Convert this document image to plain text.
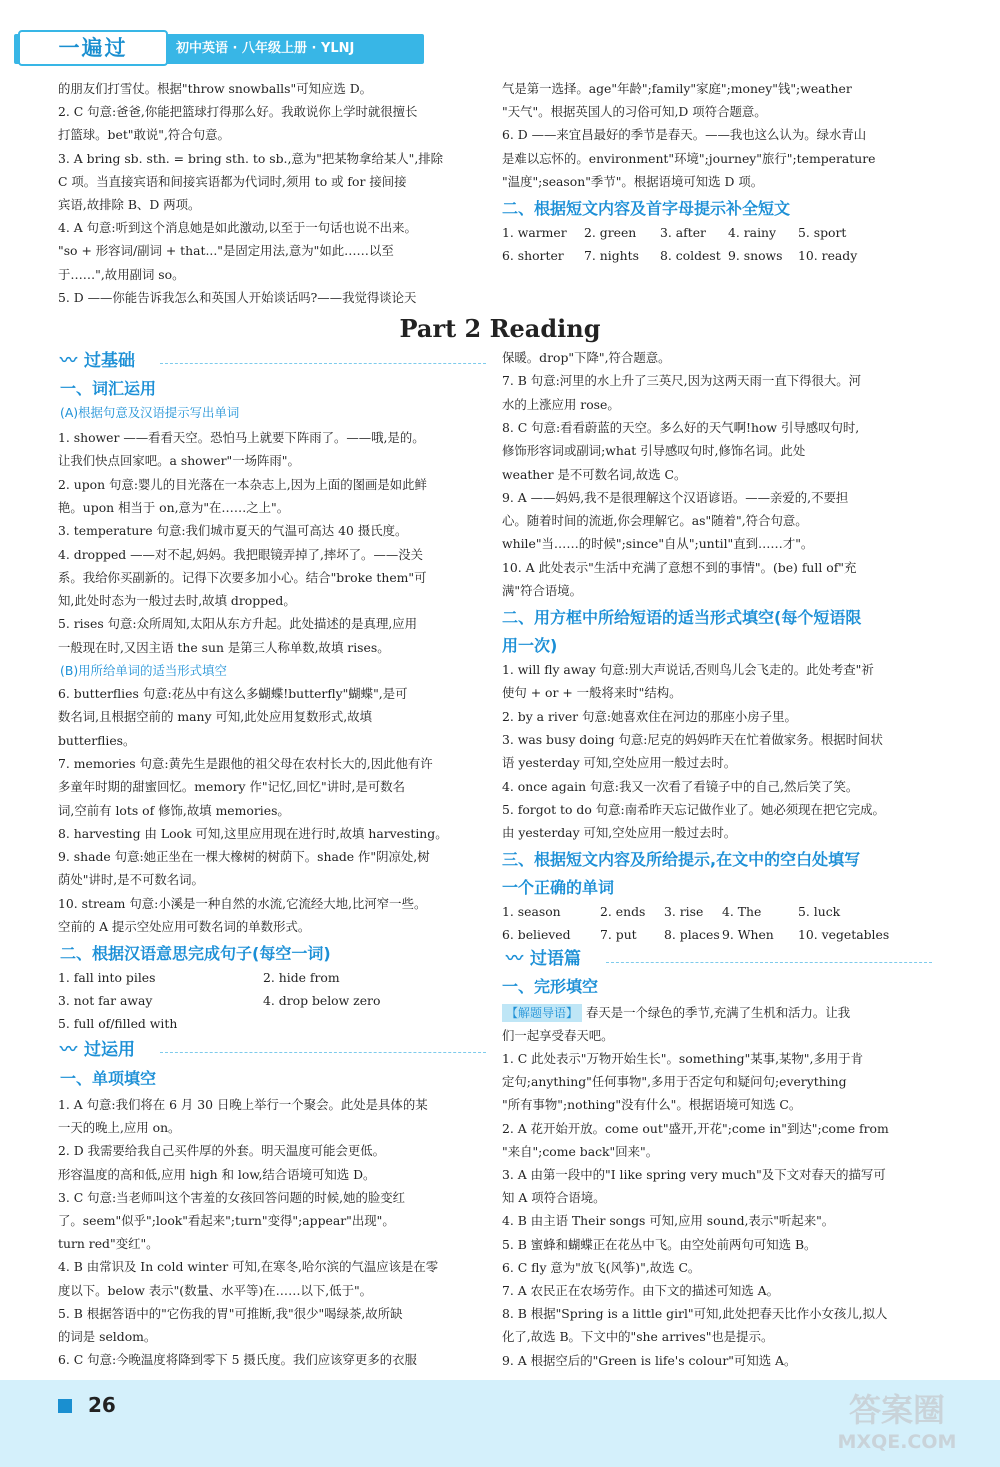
一遍过	初中英语 · 八年级上册 · YLNJ
的朋友们打雪仗。根据"throw snowballs"可知应选 D。
2. C 句意:爸爸,你能把篮球打得那么好。我敢说你上学时就很擅长
打篮球。bet"敢说",符合句意。
3. A bring sb. sth. = bring sth. to sb.,意为"把某物拿给某人",排除
C 项。当直接宾语和间接宾语都为代词时,须用 to 或 for 接间接
宾语,故排除 B、D 两项。
4. A 句意:听到这个消息她是如此激动,以至于一句话也说不出来。
"so + 形容词/副词 + that..."是固定用法,意为"如此……以至
于……",故用副词 so。
5. D ——你能告诉我怎么和英国人开始谈话吗?——我觉得谈论天
气是第一选择。age"年龄";family"家庭";money"钱";weather
"天气"。根据英国人的习俗可知,D 项符合题意。
6. D ——来宜昌最好的季节是春天。——我也这么认为。绿水青山
是难以忘怀的。environment"环境";journey"旅行";temperature
"温度";season"季节"。根据语境可知选 D 项。
二、根据短文内容及首字母提示补全短文
1. warmer 2. green 3. after 4. rainy 5. sport
6. shorter 7. nights 8. coldest 9. snows 10. ready
Part 2 Reading
〰 过基础
一、词汇运用
(A)根据句意及汉语提示写出单词
1. shower ——看看天空。恐怕马上就要下阵雨了。——哦,是的。
让我们快点回家吧。a shower"一场阵雨"。
2. upon 句意:婴儿的目光落在一本杂志上,因为上面的图画是如此鲜
艳。upon 相当于 on,意为"在……之上"。
3. temperature 句意:我们城市夏天的气温可高达 40 摄氏度。
4. dropped ——对不起,妈妈。我把眼镜弄掉了,摔坏了。——没关
系。我给你买副新的。记得下次要多加小心。结合"broke them"可
知,此处时态为一般过去时,故填 dropped。
5. rises 句意:众所周知,太阳从东方升起。此处描述的是真理,应用
一般现在时,又因主语 the sun 是第三人称单数,故填 rises。
(B)用所给单词的适当形式填空
6. butterflies 句意:花丛中有这么多蝴蝶!butterfly"蝴蝶",是可
数名词,且根据空前的 many 可知,此处应用复数形式,故填
butterflies。
7. memories 句意:黄先生是跟他的祖父母在农村长大的,因此他有许
多童年时期的甜蜜回忆。memory 作"记忆,回忆"讲时,是可数名
词,空前有 lots of 修饰,故填 memories。
8. harvesting 由 Look 可知,这里应用现在进行时,故填 harvesting。
9. shade 句意:她正坐在一棵大橡树的树荫下。shade 作"阴凉处,树
荫处"讲时,是不可数名词。
10. stream 句意:小溪是一种自然的水流,它流经大地,比河窄一些。
空前的 A 提示空处应用可数名词的单数形式。
二、根据汉语意思完成句子(每空一词)
1. fall into piles	2. hide from
3. not far away	4. drop below zero
5. full of/filled with
〰 过运用
一、单项填空
1. A 句意:我们将在 6 月 30 日晚上举行一个聚会。此处是具体的某
一天的晚上,应用 on。
2. D 我需要给我自己买件厚的外套。明天温度可能会更低。
形容温度的高和低,应用 high 和 low,结合语境可知选 D。
3. C 句意:当老师叫这个害羞的女孩回答问题的时候,她的脸变红
了。seem"似乎";look"看起来";turn"变得";appear"出现"。
turn red"变红"。
4. B 由常识及 In cold winter 可知,在寒冬,哈尔滨的气温应该是在零
度以下。below 表示"(数量、水平等)在……以下,低于"。
5. B 根据答语中的"它伤我的胃"可推断,我"很少"喝绿茶,故所缺
的词是 seldom。
6. C 句意:今晚温度将降到零下 5 摄氏度。我们应该穿更多的衣服
保暖。drop"下降",符合题意。
7. B 句意:河里的水上升了三英尺,因为这两天雨一直下得很大。河
水的上涨应用 rose。
8. C 句意:看看蔚蓝的天空。多么好的天气啊!how 引导感叹句时,
修饰形容词或副词;what 引导感叹句时,修饰名词。此处
weather 是不可数名词,故选 C。
9. A ——妈妈,我不是很理解这个汉语谚语。——亲爱的,不要担
心。随着时间的流逝,你会理解它。as"随着",符合句意。
while"当……的时候";since"自从";until"直到……才"。
10. A 此处表示"生活中充满了意想不到的事情"。(be) full of"充
满"符合语境。
二、用方框中所给短语的适当形式填空(每个短语限
用一次)
1. will fly away 句意:别大声说话,否则鸟儿会飞走的。此处考查"祈
使句 + or + 一般将来时"结构。
2. by a river 句意:她喜欢住在河边的那座小房子里。
3. was busy doing 句意:尼克的妈妈昨天在忙着做家务。根据时间状
语 yesterday 可知,空处应用一般过去时。
4. once again 句意:我又一次看了看镜子中的自己,然后笑了笑。
5. forgot to do 句意:南希昨天忘记做作业了。她必须现在把它完成。
由 yesterday 可知,空处应用一般过去时。
三、根据短文内容及所给提示,在文中的空白处填写
一个正确的单词
1. season	2. ends 3. rise 4. The	5. luck
6. believed 7. put 8. places 9. When 10. vegetables
〰 过语篇
一、完形填空
【解题导语】 春天是一个绿色的季节,充满了生机和活力。让我
们一起享受春天吧。
1. C 此处表示"万物开始生长"。something"某事,某物",多用于肯
定句;anything"任何事物",多用于否定句和疑问句;everything
"所有事物";nothing"没有什么"。根据语境可知选 C。
2. A 花开始开放。come out"盛开,开花";come in"到达";come from
"来自";come back"回来"。
3. A 由第一段中的"I like spring very much"及下文对春天的描写可
知 A 项符合语境。
4. B 由主语 Their songs 可知,应用 sound,表示"听起来"。
5. B 蜜蜂和蝴蝶正在花丛中飞。由空处前两句可知选 B。
6. C fly 意为"放飞(风筝)",故选 C。
7. A 农民正在农场劳作。由下文的描述可知选 A。
8. B 根据"Spring is a little girl"可知,此处把春天比作小女孩儿,拟人
化了,故选 B。下文中的"she arrives"也是提示。
9. A 根据空后的"Green is life's colour"可知选 A。
26	答案圈
MXQE.COM
